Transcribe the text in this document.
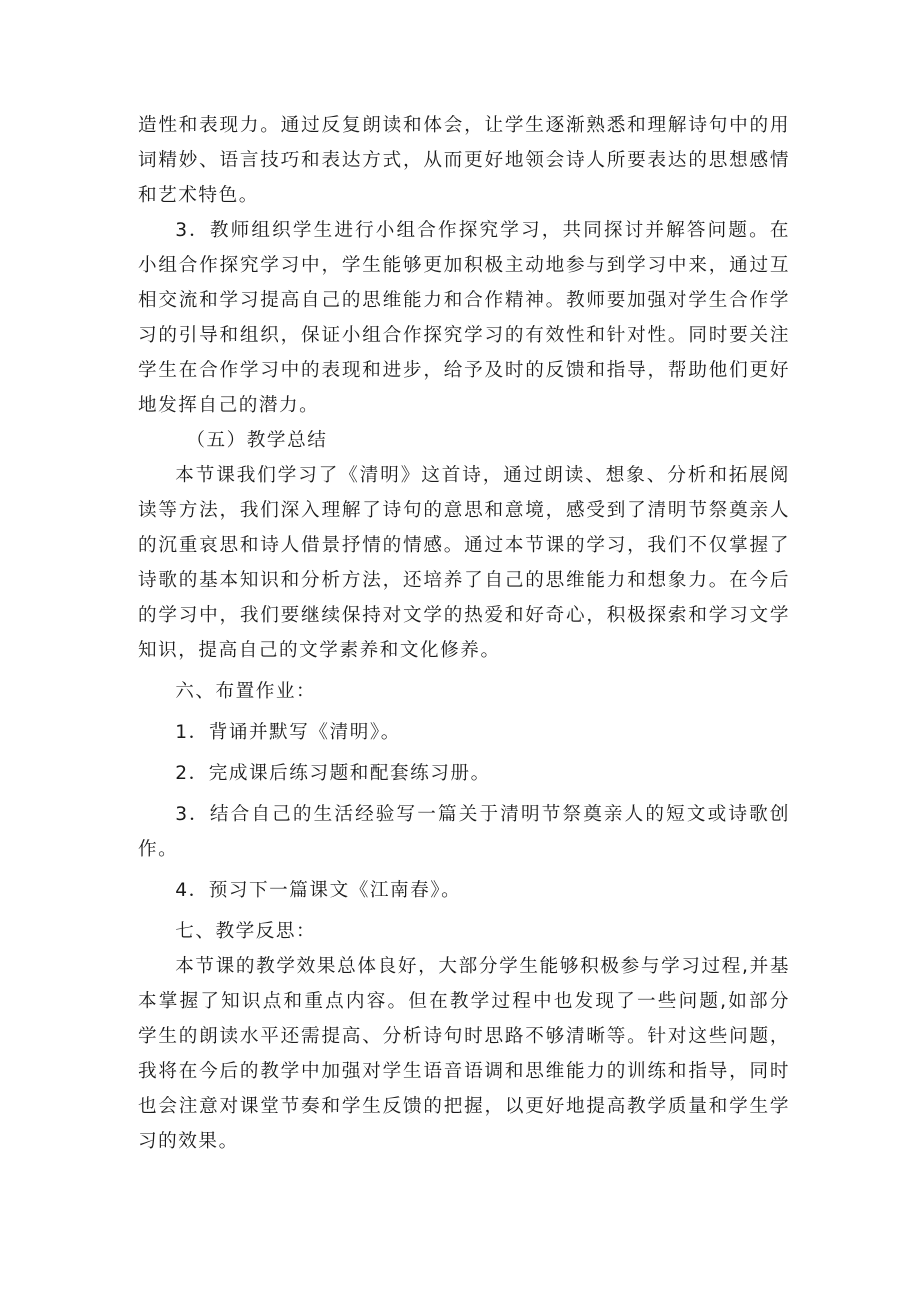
造性和表现力。通过反复朗读和体会，让学生逐渐熟悉和理解诗句中的用词精妙、语言技巧和表达方式，从而更好地领会诗人所要表达的思想感情和艺术特色。

3．教师组织学生进行小组合作探究学习，共同探讨并解答问题。在小组合作探究学习中，学生能够更加积极主动地参与到学习中来，通过互相交流和学习提高自己的思维能力和合作精神。教师要加强对学生合作学习的引导和组织，保证小组合作探究学习的有效性和针对性。同时要关注学生在合作学习中的表现和进步，给予及时的反馈和指导，帮助他们更好地发挥自己的潜力。

（五）教学总结

本节课我们学习了《清明》这首诗，通过朗读、想象、分析和拓展阅读等方法，我们深入理解了诗句的意思和意境，感受到了清明节祭奠亲人的沉重哀思和诗人借景抒情的情感。通过本节课的学习，我们不仅掌握了诗歌的基本知识和分析方法，还培养了自己的思维能力和想象力。在今后的学习中，我们要继续保持对文学的热爱和好奇心，积极探索和学习文学知识，提高自己的文学素养和文化修养。

六、布置作业：

1．背诵并默写《清明》。

2．完成课后练习题和配套练习册。

3．结合自己的生活经验写一篇关于清明节祭奠亲人的短文或诗歌创作。

4．预习下一篇课文《江南春》。

七、教学反思：

本节课的教学效果总体良好，大部分学生能够积极参与学习过程,并基本掌握了知识点和重点内容。但在教学过程中也发现了一些问题,如部分学生的朗读水平还需提高、分析诗句时思路不够清晰等。针对这些问题，我将在今后的教学中加强对学生语音语调和思维能力的训练和指导，同时也会注意对课堂节奏和学生反馈的把握，以更好地提高教学质量和学生学习的效果。
